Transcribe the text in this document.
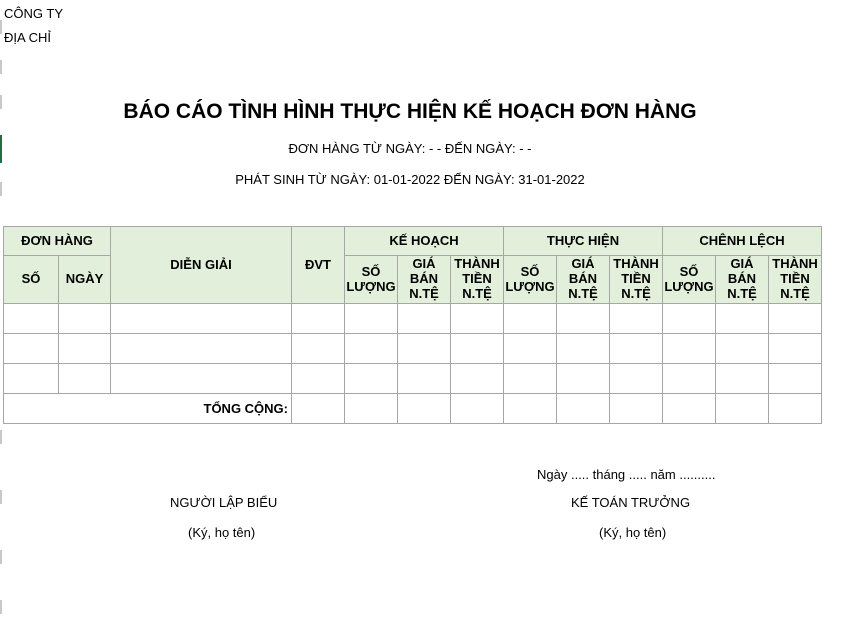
CÔNG TY
ĐỊA CHỈ
BÁO CÁO TÌNH HÌNH THỰC HIỆN KẾ HOẠCH ĐƠN HÀNG
ĐƠN HÀNG TỪ NGÀY: - - ĐẾN NGÀY: - -
PHÁT SINH TỪ NGÀY: 01-01-2022 ĐẾN NGÀY: 31-01-2022
ĐƠN HÀNG		DIỄN GIẢI	ĐVT	KẾ HOẠCH			THỰC HIỆN			CHÊNH LỆCH		
SỐ	NGÀY			SỐ LƯỢNG	GIÁ BÁN N.TỆ	THÀNH TIỀN N.TỆ	SỐ LƯỢNG	GIÁ BÁN N.TỆ	THÀNH TIỀN N.TỆ	SỐ LƯỢNG	GIÁ BÁN N.TỆ	THÀNH TIỀN N.TỆ

TỔNG CỘNG:												
Ngày ..... tháng ..... năm ..........
NGƯỜI LẬP BIỂU	KẾ TOÁN TRƯỞNG
(Ký, họ tên)	(Ký, họ tên)
